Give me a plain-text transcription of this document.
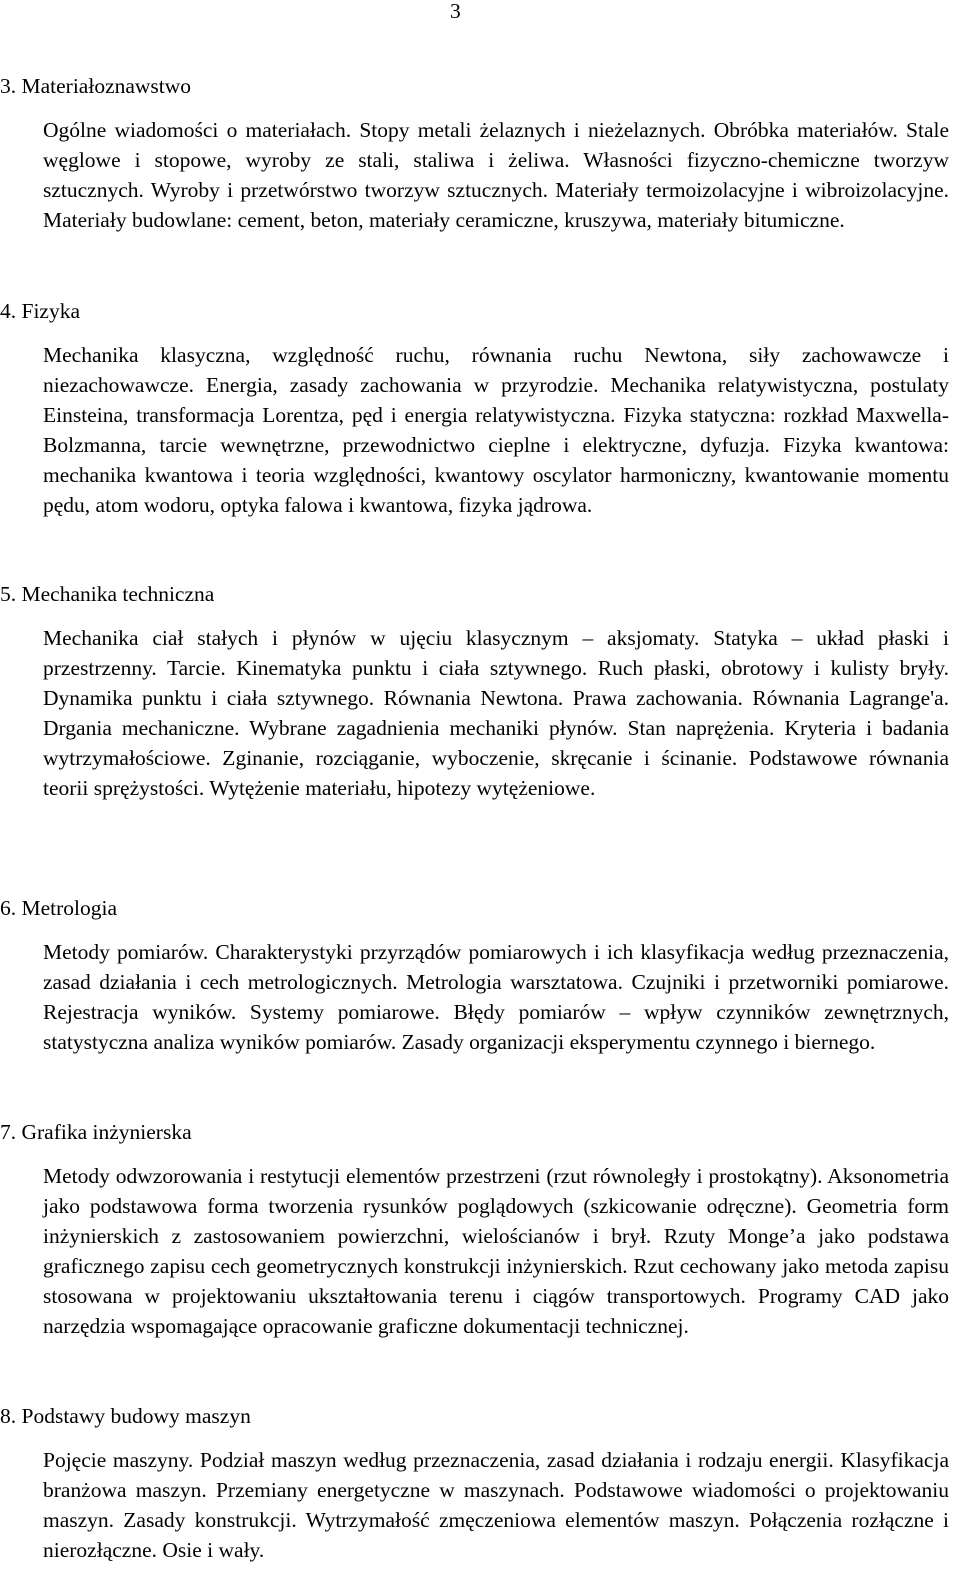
3
3. Materiałoznawstwo

Ogólne wiadomości o materiałach. Stopy metali żelaznych i nieżelaznych. Obróbka materiałów. Stale węglowe i stopowe, wyroby ze stali, staliwa i żeliwa. Własności fizyczno-chemiczne tworzyw sztucznych. Wyroby i przetwórstwo tworzyw sztucznych. Materiały termoizolacyjne i wibroizolacyjne. Materiały budowlane: cement, beton, materiały ceramiczne, kruszywa, materiały bitumiczne.

4. Fizyka

Mechanika klasyczna, względność ruchu, równania ruchu Newtona, siły zachowawcze i niezachowawcze. Energia, zasady zachowania w przyrodzie. Mechanika relatywistyczna, postulaty Einsteina, transformacja Lorentza, pęd i energia relatywistyczna. Fizyka statyczna: rozkład Maxwella-Bolzmanna, tarcie wewnętrzne, przewodnictwo cieplne i elektryczne, dyfuzja. Fizyka kwantowa: mechanika kwantowa i teoria względności, kwantowy oscylator harmoniczny, kwantowanie momentu pędu, atom wodoru, optyka falowa i kwantowa, fizyka jądrowa.

5. Mechanika techniczna

Mechanika ciał stałych i płynów w ujęciu klasycznym – aksjomaty. Statyka – układ płaski i przestrzenny. Tarcie. Kinematyka punktu i ciała sztywnego. Ruch płaski, obrotowy i kulisty bryły. Dynamika punktu i ciała sztywnego. Równania Newtona. Prawa zachowania. Równania Lagrange'a. Drgania mechaniczne. Wybrane zagadnienia mechaniki płynów. Stan naprężenia. Kryteria i badania wytrzymałościowe. Zginanie, rozciąganie, wyboczenie, skręcanie i ścinanie. Podstawowe równania teorii sprężystości. Wytężenie materiału, hipotezy wytężeniowe.

6. Metrologia

Metody pomiarów. Charakterystyki przyrządów pomiarowych i ich klasyfikacja według przeznaczenia, zasad działania i cech metrologicznych. Metrologia warsztatowa. Czujniki i przetworniki pomiarowe. Rejestracja wyników. Systemy pomiarowe. Błędy pomiarów – wpływ czynników zewnętrznych, statystyczna analiza wyników pomiarów. Zasady organizacji eksperymentu czynnego i biernego.

7. Grafika inżynierska

Metody odwzorowania i restytucji elementów przestrzeni (rzut równoległy i prostokątny). Aksonometria jako podstawowa forma tworzenia rysunków poglądowych (szkicowanie odręczne). Geometria form inżynierskich z zastosowaniem powierzchni, wielościanów i brył. Rzuty Monge’a jako podstawa graficznego zapisu cech geometrycznych konstrukcji inżynierskich. Rzut cechowany jako metoda zapisu stosowana w projektowaniu ukształtowania terenu i ciągów transportowych. Programy CAD jako narzędzia wspomagające opracowanie graficzne dokumentacji technicznej.

8. Podstawy budowy maszyn

Pojęcie maszyny. Podział maszyn według przeznaczenia, zasad działania i rodzaju energii. Klasyfikacja branżowa maszyn. Przemiany energetyczne w maszynach. Podstawowe wiadomości o projektowaniu maszyn. Zasady konstrukcji. Wytrzymałość zmęczeniowa elementów maszyn. Połączenia rozłączne i nierozłączne. Osie i wały.
